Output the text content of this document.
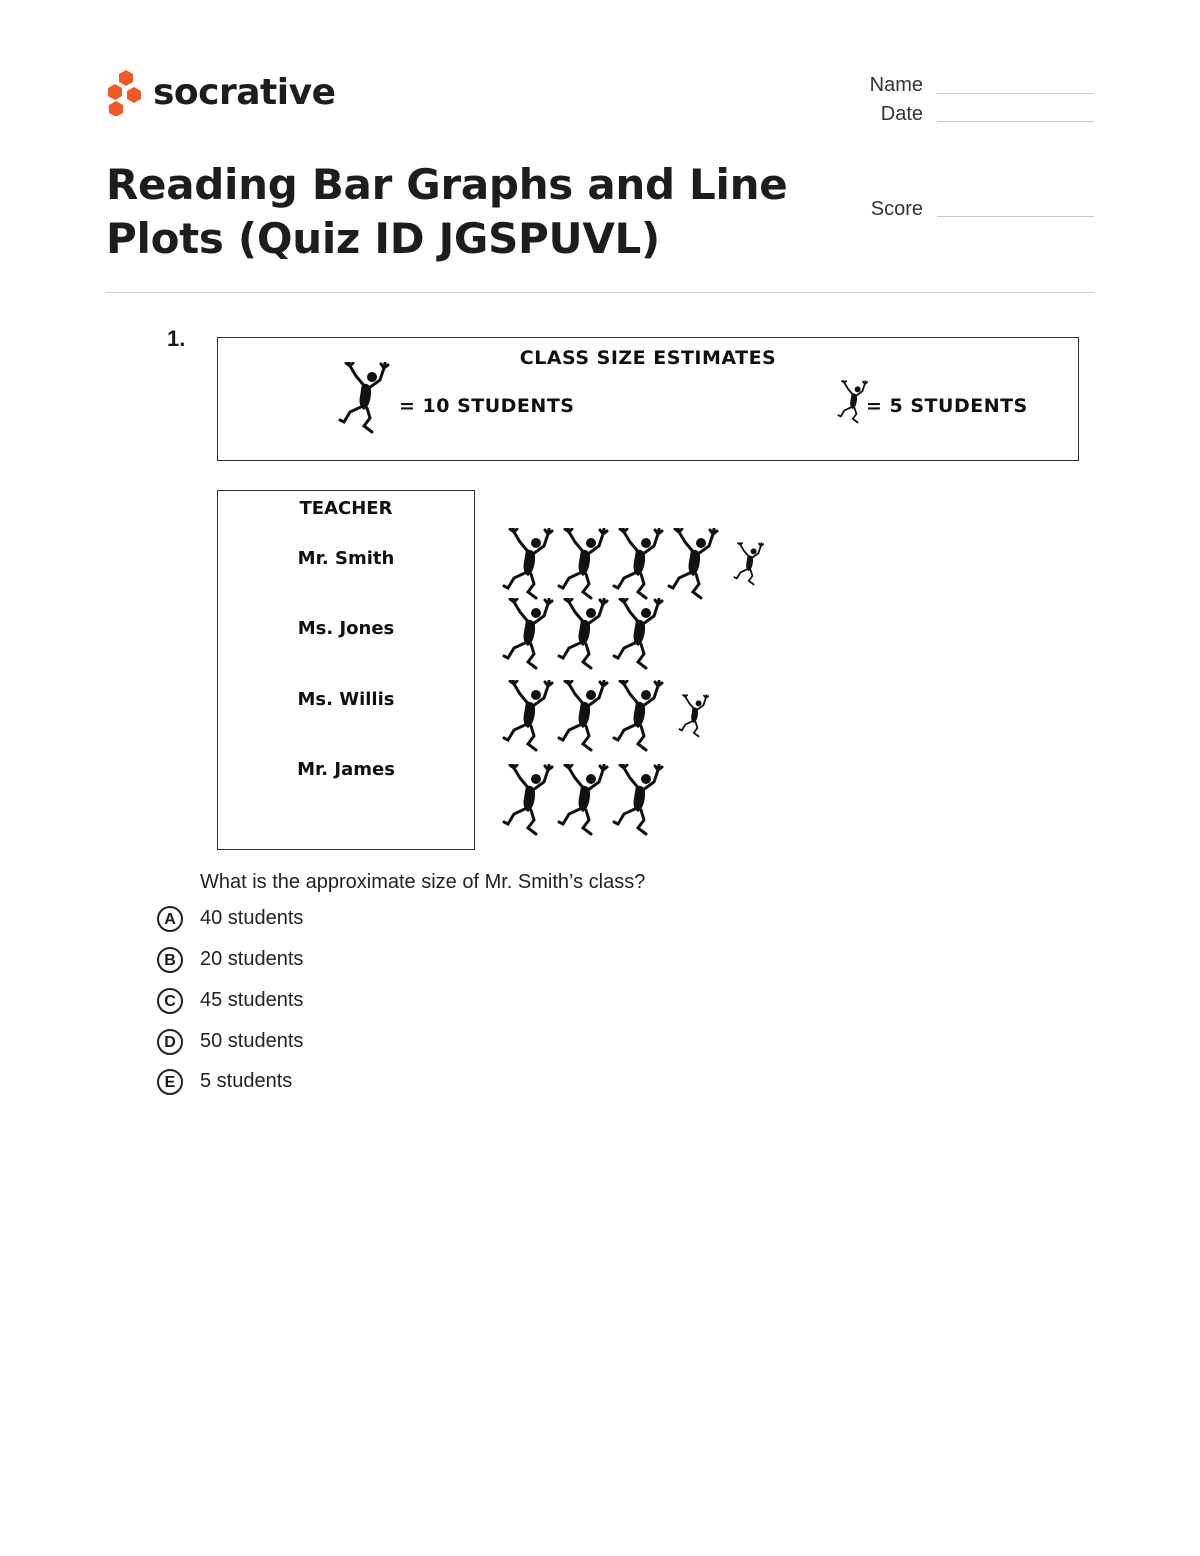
socrative	Name
Date
Score
Reading Bar Graphs and Line Plots (Quiz ID JGSPUVL)
1.
CLASS SIZE ESTIMATES
= 10 STUDENTS	= 5 STUDENTS
TEACHER
Mr. Smith
Ms. Jones
Ms. Willis
Mr. James
What is the approximate size of Mr. Smith’s class?
A	40 students
B	20 students
C	45 students
D	50 students
E	5 students
